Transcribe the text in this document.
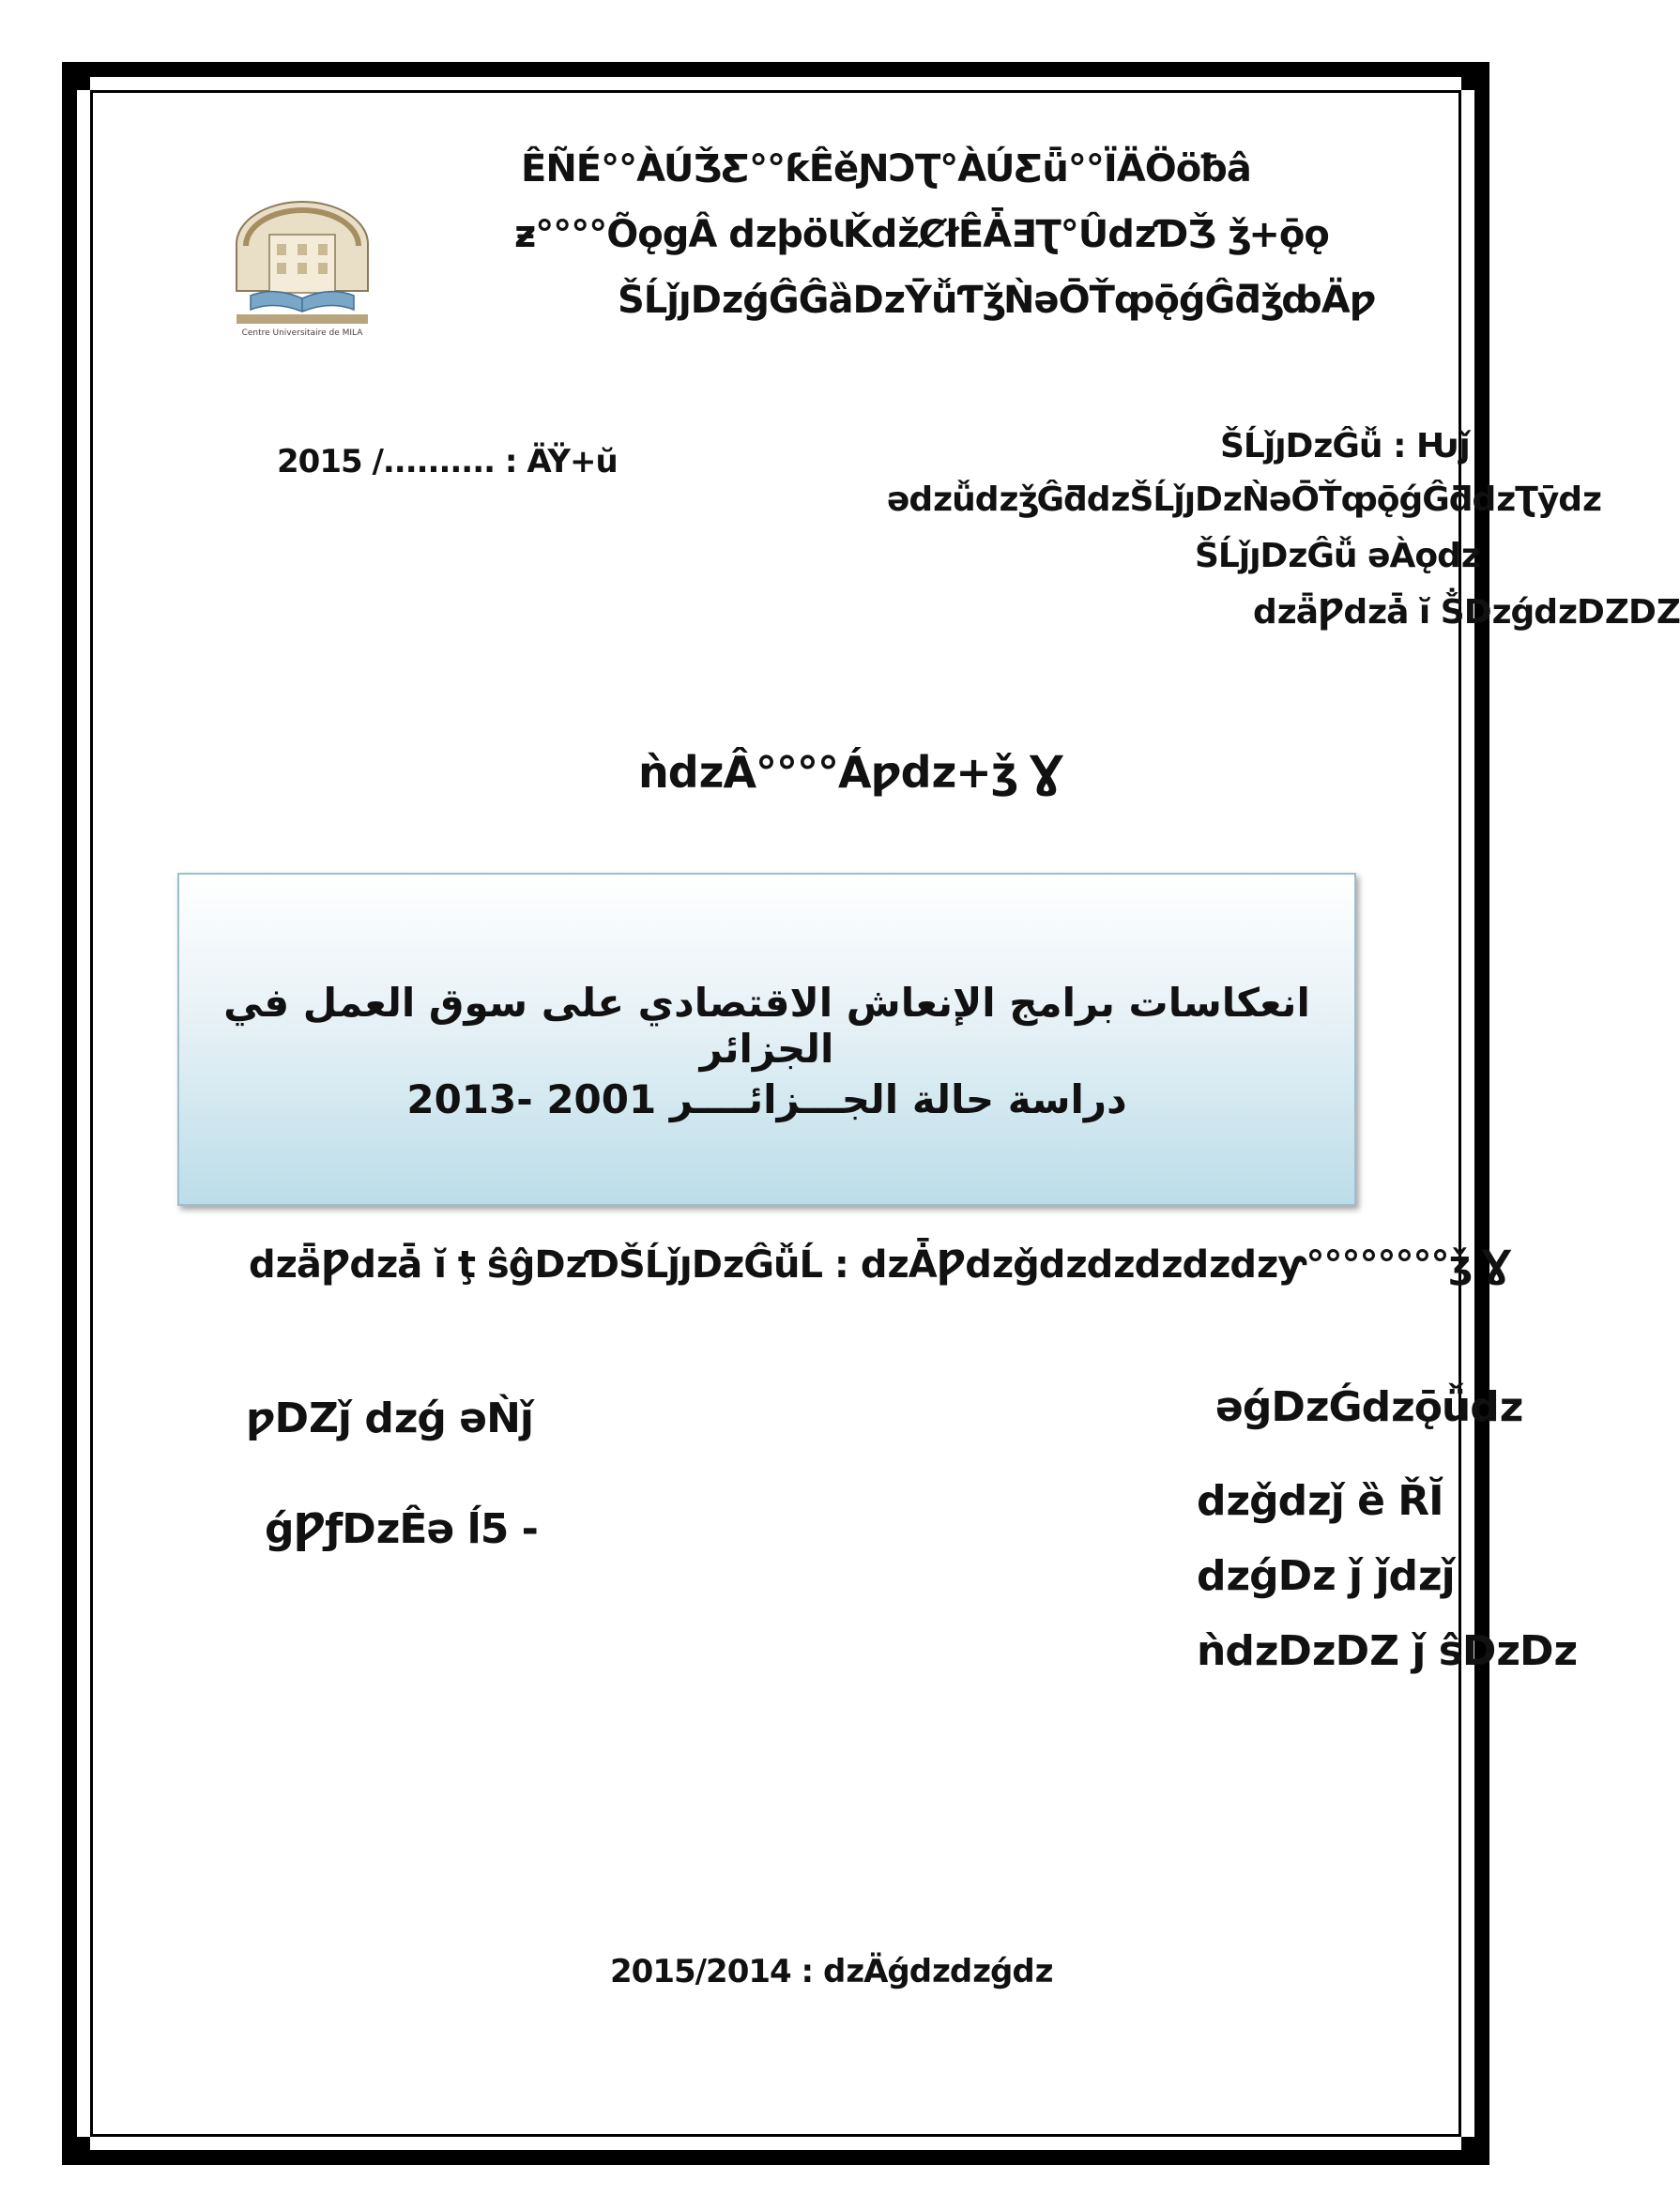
ÊÑÉ°°ÀÚǮƸ°°ƙÊěƝƆƮ°ÀÚƸǖ°°ÏÄÖöƀâ
ƶ°°°°ÕǫgÂ ǳþöƖǨǆȻłÊǠƎƮ°ÛǳƊǮ ǯ+ǭǫ
ŠĹǰȷǲǵĜĜȁǲȲǚƬǯǸǝŌŤȹǭǵĜƌǯȸÄƿ
Centre Universitaire de MILA
2015 /.......... : ÄŸ+ŭ	ŠĹǰȷǲĜǚ : Ƕǰ
ǝǳǚǳǯĜƌǳŠĹǰȷǲǸǝŌŤȹǭǵĜƌǳƮȳǳ
ŠĹǰȷǲĜǚ ǝÀǫǳ
ǳǟǷǳǡ ĭ ṦǲǵǳǱǱ
ǹǳÂ°°°°Áƿǳ+ǯ Ɣ
انعكاسات برامج الإنعاش الاقتصادي على سوق العمل في الجزائر
دراسة حالة الجـــزائــــر 2001 -2013
ǳǟǷǳǡ ĭ ţ ŝĝǲƊŠĹǰȷǲĜǚĹ : ǳǠǷǳǧǳǳǳǳǳƴ°°°°°°°°ǯ Ɣ
ƿǱǰ ǳǵ ǝǸǰ
ǵǷƒǲÊǝ ĺ5 -
ǝǵǲǴǳǭǚǳ
ǳǧǳǰ ȅ ŘĬ
ǳǵǲ ǰ ǰǳǰ
ǹǳǲǱ ǰ ŝǲǲ
2015/2014 : ǳÄǵǳǳǵǳ
